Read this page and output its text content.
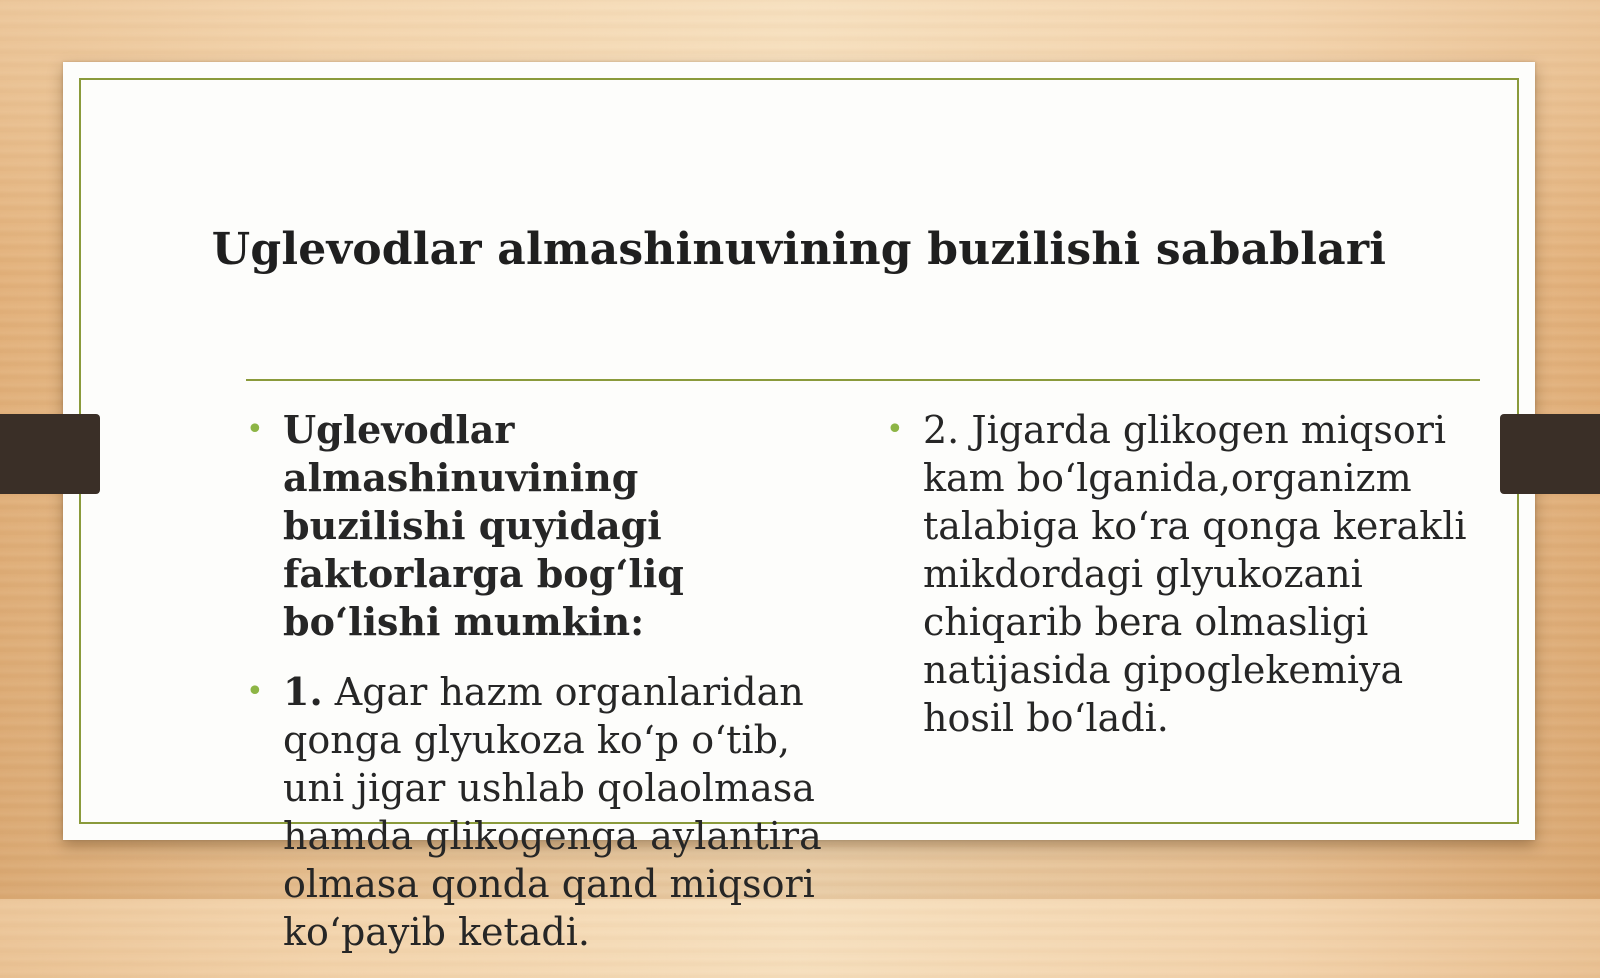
Uglevodlar almashinuvining buzilishi sabablari
• Uglevodlar almashinuvining buzilishi quyidagi faktorlarga bog‘liq bo‘lishi mumkin:
• 1. Agar hazm organlaridan qonga glyukoza ko‘p o‘tib, uni jigar ushlab qolaolmasa hamda glikogenga aylantira olmasa qonda qand miqsori ko‘payib ketadi.
• 2. Jigarda glikogen miqsori kam bo‘lganida,organizm talabiga ko‘ra qonga kerakli mikdordagi glyukozani chiqarib bera olmasligi natijasida gipoglekemiya hosil bo‘ladi.
